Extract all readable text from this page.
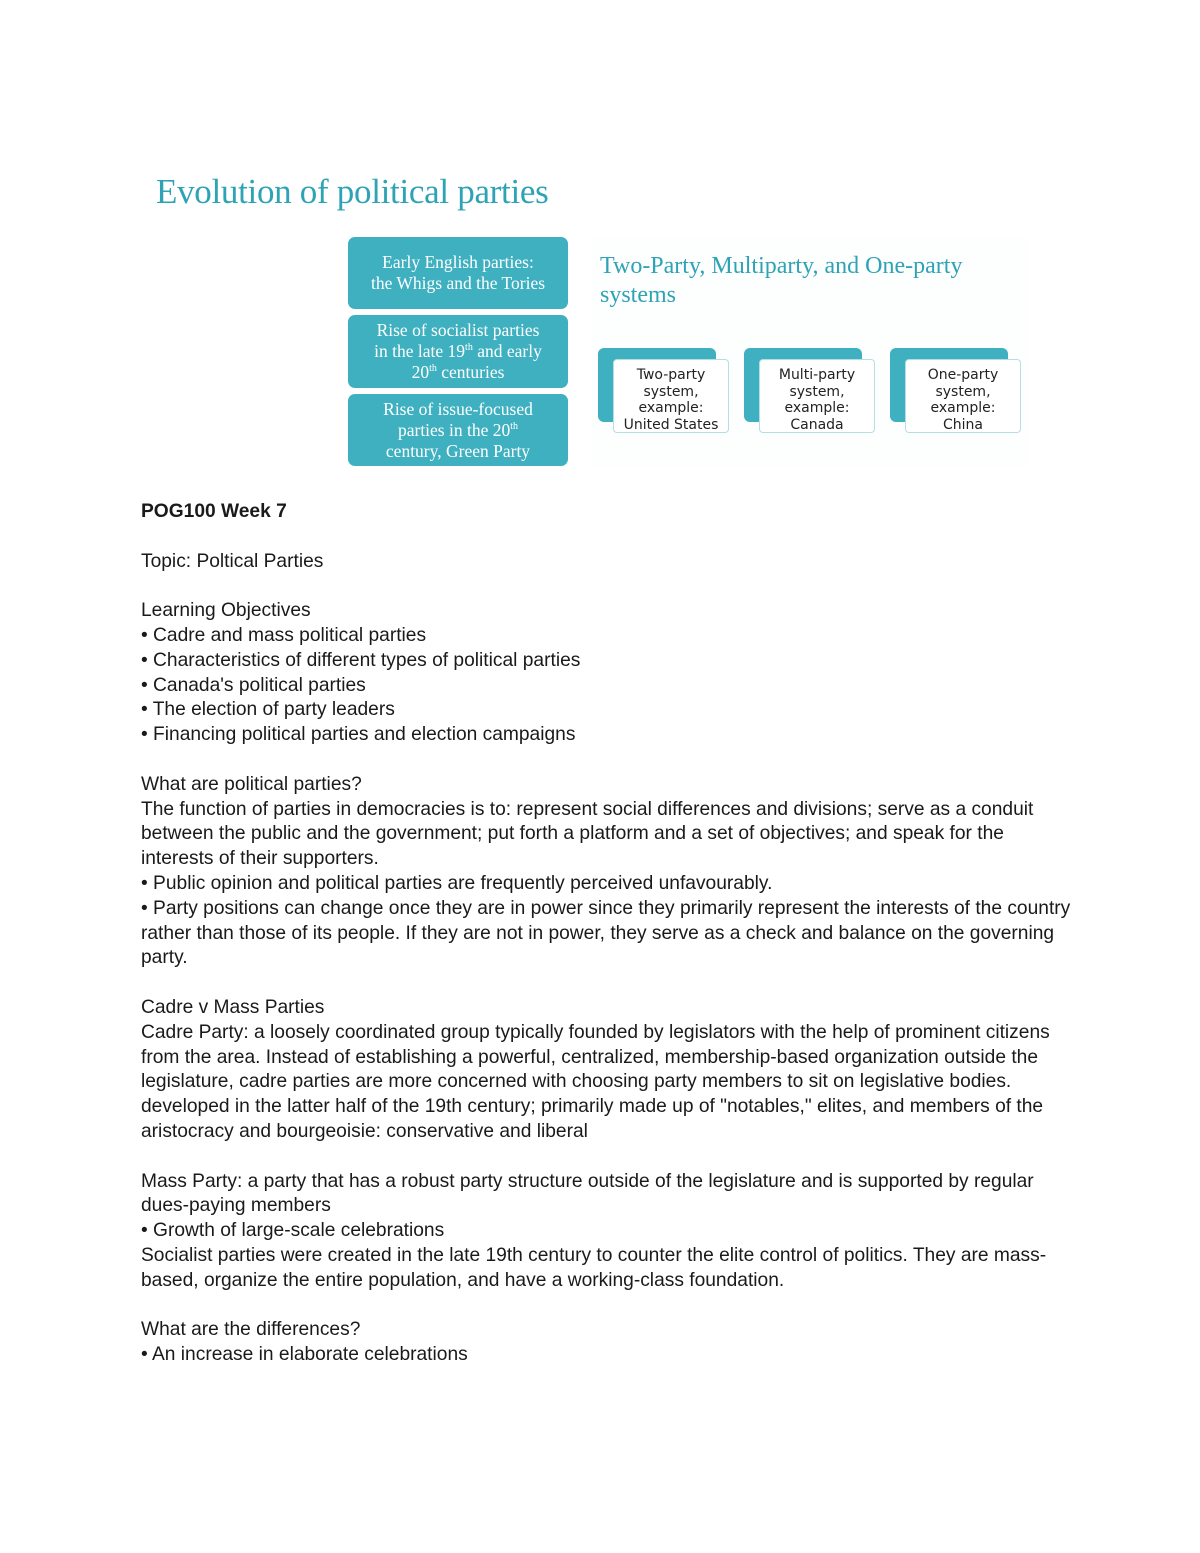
Evolution of political parties
Early English parties:
the Whigs and the Tories
Rise of socialist parties
in the late 19th and early
20th centuries
Rise of issue-focused
parties in the 20th
century, Green Party
Two-Party, Multiparty, and One-party systems
Two-party
system,
example:
United States
Multi-party
system,
example:
Canada
One-party
system,
example:
China

POG100 Week 7

Topic: Poltical Parties

Learning Objectives

• Cadre and mass political parties

• Characteristics of different types of political parties

• Canada's political parties

• The election of party leaders

• Financing political parties and election campaigns

What are political parties?

The function of parties in democracies is to: represent social differences and divisions; serve as a conduit between the public and the government; put forth a platform and a set of objectives; and speak for the interests of their supporters.

• Public opinion and political parties are frequently perceived unfavourably.

• Party positions can change once they are in power since they primarily represent the interests of the country rather than those of its people. If they are not in power, they serve as a check and balance on the governing party.

Cadre v Mass Parties

Cadre Party: a loosely coordinated group typically founded by legislators with the help of prominent citizens from the area. Instead of establishing a powerful, centralized, membership-based organization outside the legislature, cadre parties are more concerned with choosing party members to sit on legislative bodies.

developed in the latter half of the 19th century; primarily made up of "notables," elites, and members of the aristocracy and bourgeoisie: conservative and liberal

Mass Party: a party that has a robust party structure outside of the legislature and is supported by regular dues-paying members

• Growth of large-scale celebrations

Socialist parties were created in the late 19th century to counter the elite control of politics. They are mass-based, organize the entire population, and have a working-class foundation.

What are the differences?

• An increase in elaborate celebrations
